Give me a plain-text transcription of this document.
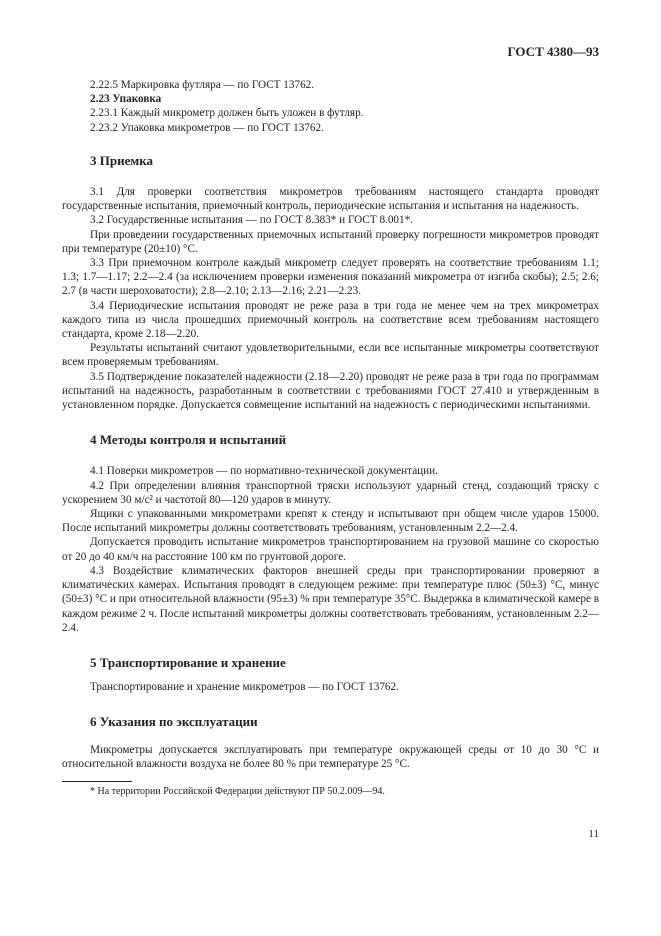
ГОСТ 4380—93

2.22.5 Маркировка футляра — по ГОСТ 13762.

2.23 Упаковка

2.23.1 Каждый микрометр должен быть уложен в футляр.

2.23.2 Упаковка микрометров — по ГОСТ 13762.

3 Приемка

3.1 Для проверки соответствия микрометров требованиям настоящего стандарта проводят государственные испытания, приемочный контроль, периодические испытания и испытания на надежность.

3.2 Государственные испытания — по ГОСТ 8.383* и ГОСТ 8.001*.

При проведении государственных приемочных испытаний проверку погрешности микрометров проводят при температуре (20±10) °С.

3.3 При приемочном контроле каждый микрометр следует проверять на соответствие требованиям 1.1; 1.3; 1.7—1.17; 2.2—2.4 (за исключением проверки изменения показаний микрометра от изгиба скобы); 2.5; 2.6; 2.7 (в части шероховатости); 2.8—2.10; 2.13—2.16; 2.21—2.23.

3.4 Периодические испытания проводят не реже раза в три года не менее чем на трех микрометрах каждого типа из числа прошедших приемочный контроль на соответствие всем требованиям настоящего стандарта, кроме 2.18—2.20.

Результаты испытаний считают удовлетворительными, если все испытанные микрометры соответствуют всем проверяемым требованиям.

3.5 Подтверждение показателей надежности (2.18—2.20) проводят не реже раза в три года по программам испытаний на надежность, разработанным в соответствии с требованиями ГОСТ 27.410 и утвержденным в установленном порядке. Допускается совмещение испытаний на надежность с периодическими испытаниями.

4 Методы контроля и испытаний

4.1 Поверки микрометров — по нормативно-технической документации.

4.2 При определении влияния транспортной тряски используют ударный стенд, создающий тряску с ускорением 30 м/с² и частотой 80—120 ударов в минуту.

Ящики с упакованными микрометрами крепят к стенду и испытывают при общем числе ударов 15000. После испытаний микрометры должны соответствовать требованиям, установленным 2.2—2.4.

Допускается проводить испытание микрометров транспортированием на грузовой машине со скоростью от 20 до 40 км/ч на расстояние 100 км по грунтовой дороге.

4.3 Воздействие климатических факторов внешней среды при транспортировании проверяют в климатических камерах. Испытания проводят в следующем режиме: при температуре плюс (50±3) °С, минус (50±3) °С и при относительной влажности (95±3) % при температуре 35°С. Выдержка в климатической камере в каждом режиме 2 ч. После испытаний микрометры должны соответствовать требованиям, установленным 2.2—2.4.

5 Транспортирование и хранение

Транспортирование и хранение микрометров — по ГОСТ 13762.

6 Указания по эксплуатации

Микрометры допускается эксплуатировать при температуре окружающей среды от 10 до 30 °С и относительной влажности воздуха не более 80 % при температуре 25 °С.

* На территории Российской Федерации действуют ПР 50.2.009—94.

11
